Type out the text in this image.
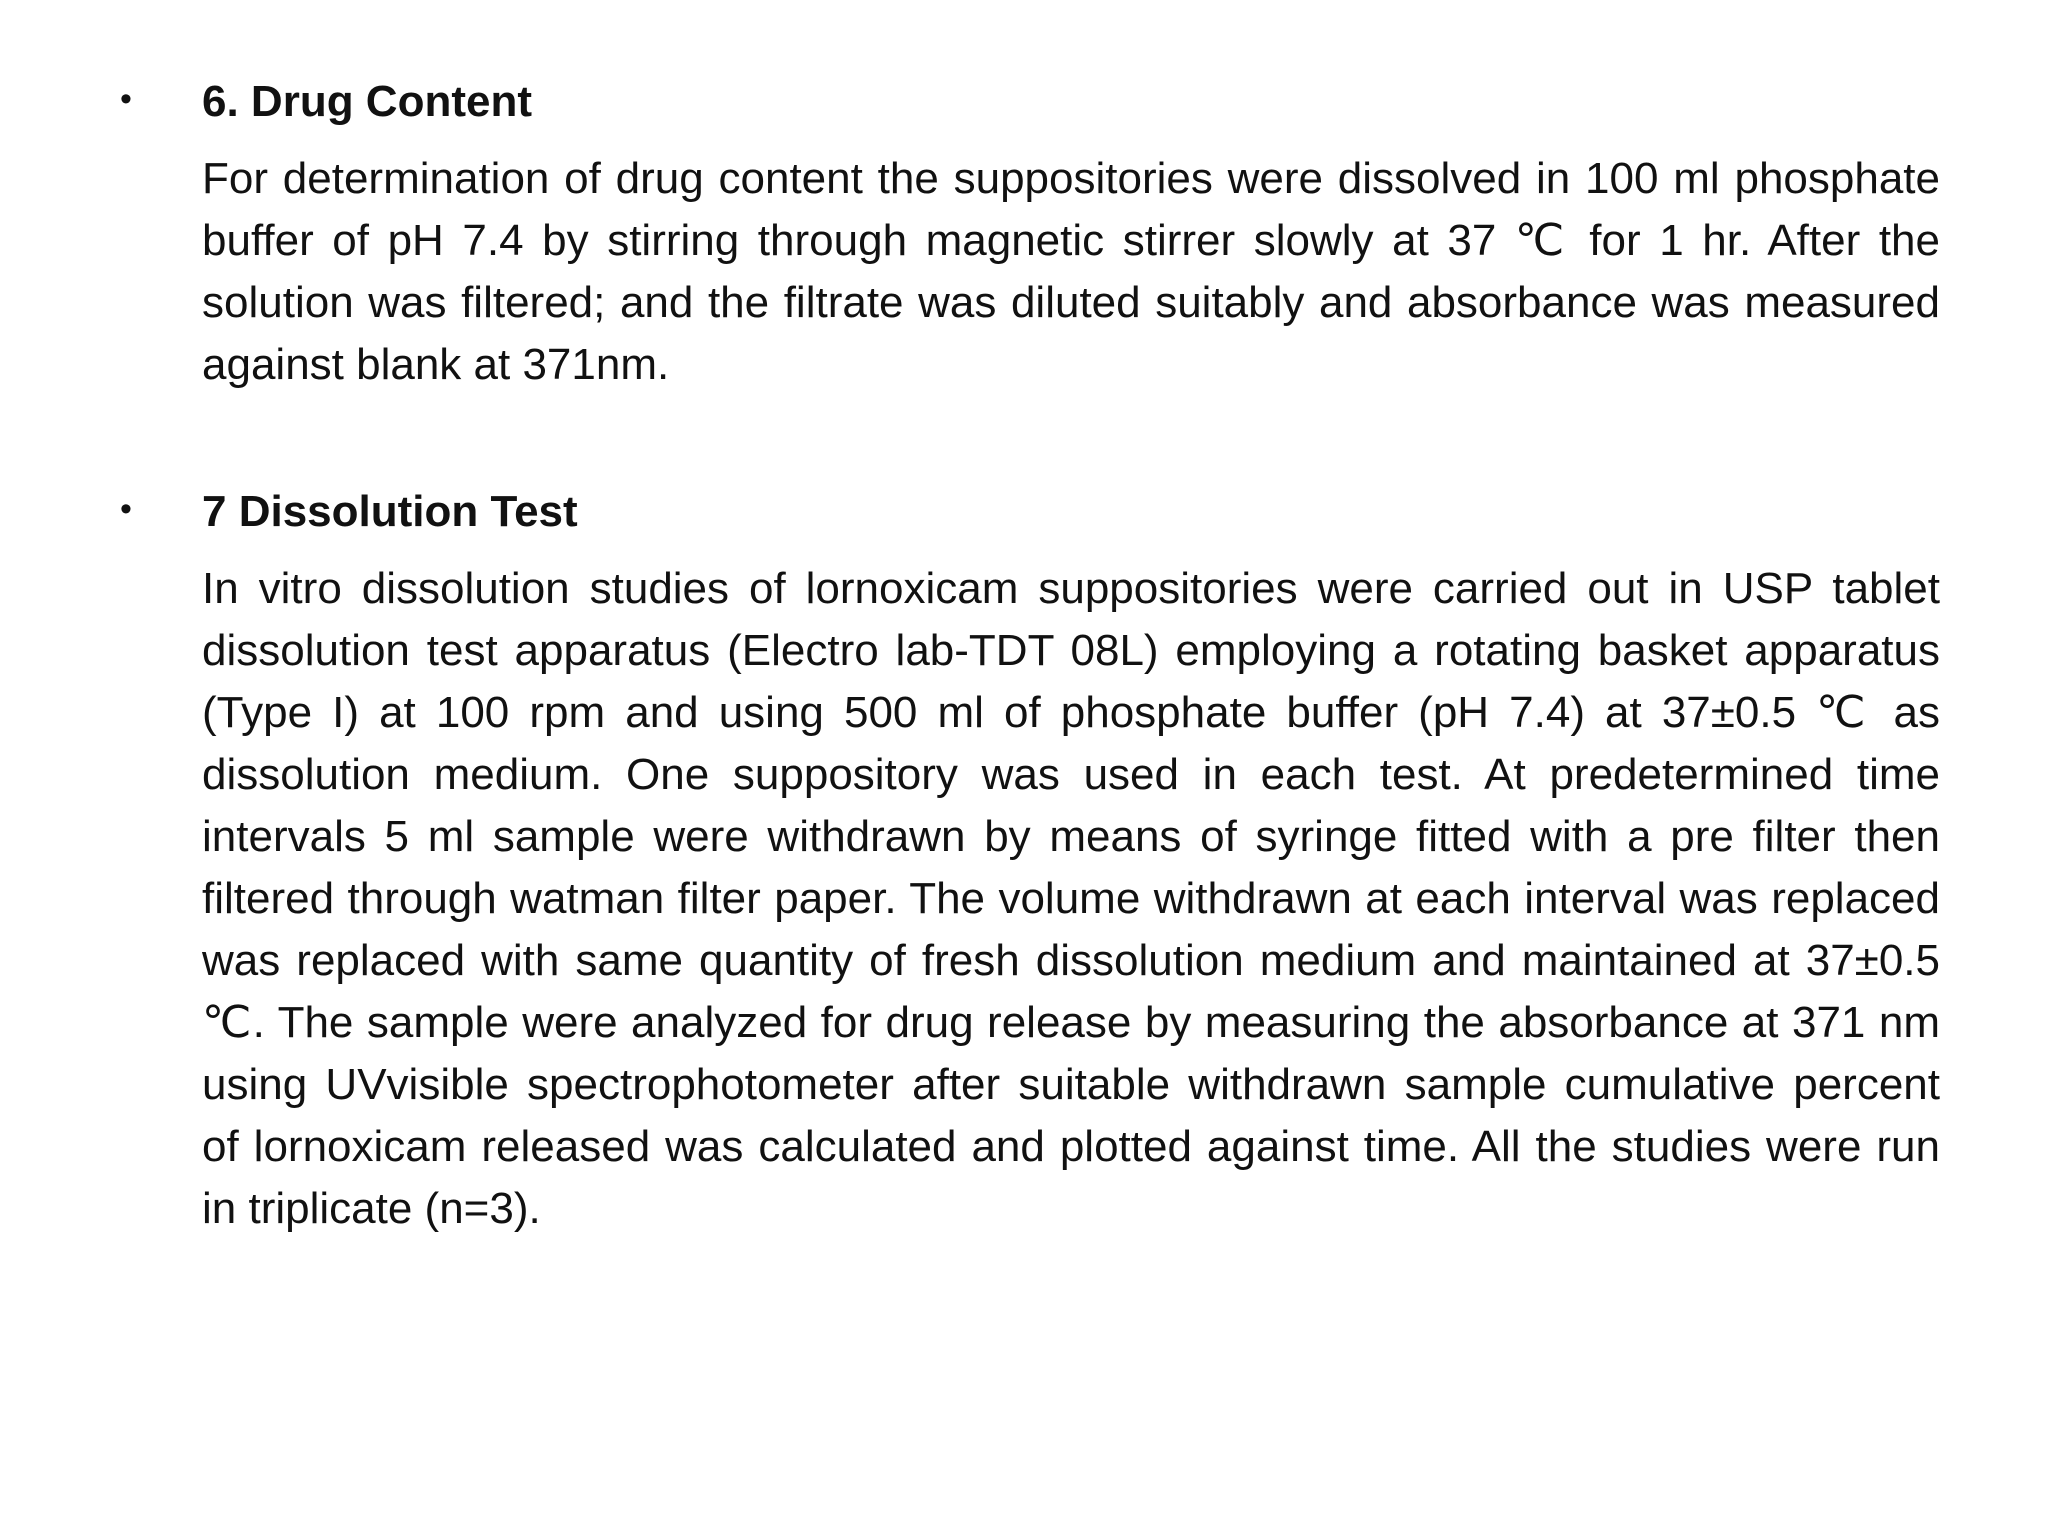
• 6. Drug Content

For determination of drug content the suppositories were dissolved in 100 ml phosphate buffer of pH 7.4 by stirring through magnetic stirrer slowly at 37 ℃ for 1 hr. After the solution was filtered; and the filtrate was diluted suitably and absorbance was measured against blank at 371nm.

• 7 Dissolution Test

In vitro dissolution studies of lornoxicam suppositories were carried out in USP tablet dissolution test apparatus (Electro lab-TDT 08L) employing a rotating basket apparatus (Type I) at 100 rpm and using 500 ml of phosphate buffer (pH 7.4) at 37±0.5 ℃ as dissolution medium. One suppository was used in each test. At predetermined time intervals 5 ml sample were withdrawn by means of syringe fitted with a pre filter then filtered through watman filter paper. The volume withdrawn at each interval was replaced was replaced with same quantity of fresh dissolution medium and maintained at 37±0.5 ℃. The sample were analyzed for drug release by measuring the absorbance at 371 nm using UVvisible spectrophotometer after suitable withdrawn sample cumulative percent of lornoxicam released was calculated and plotted against time. All the studies were run in triplicate (n=3).
